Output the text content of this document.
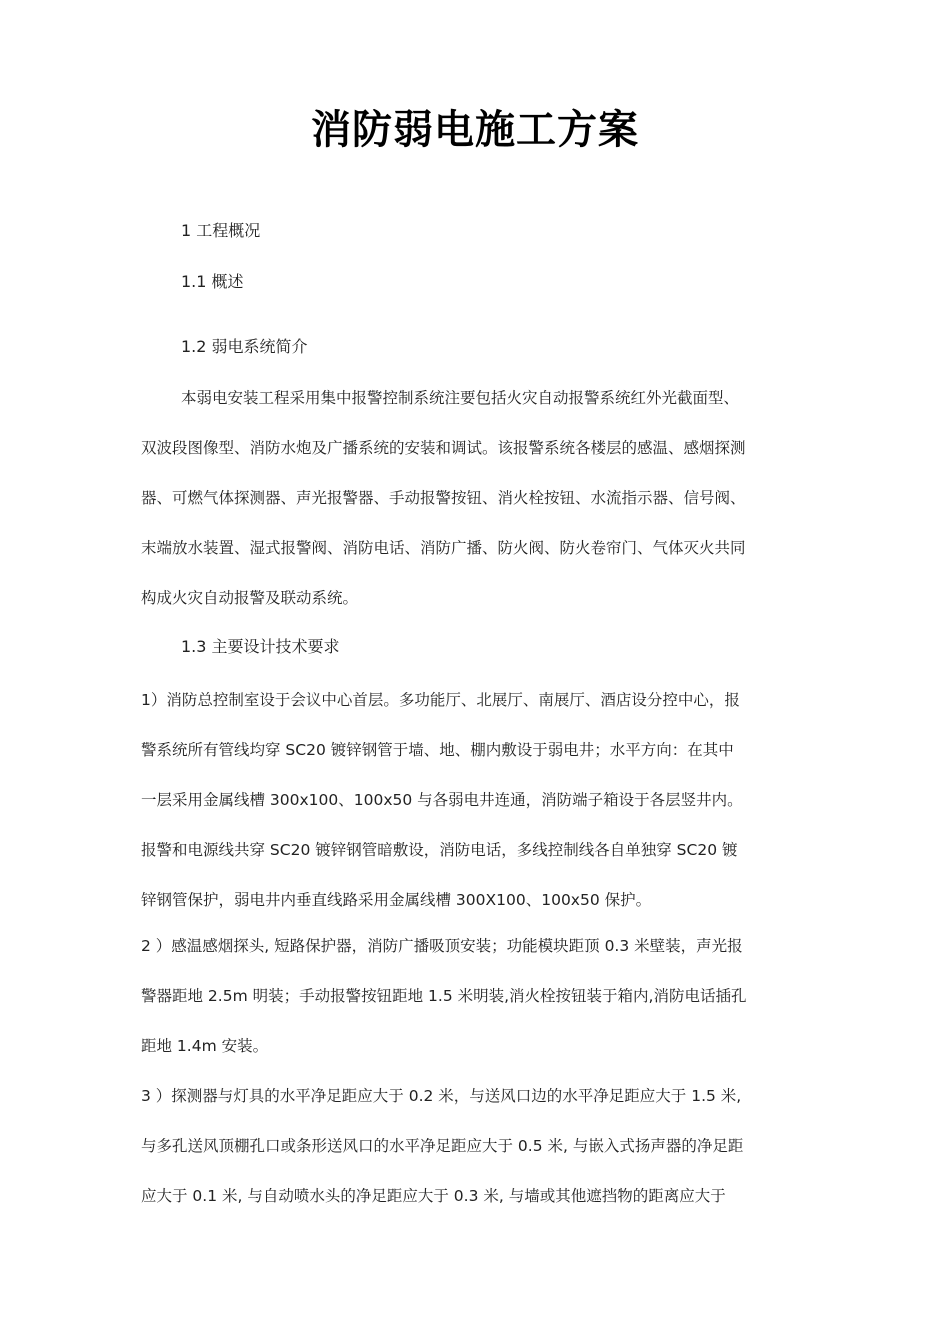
消防弱电施工方案
1 工程概况
1.1 概述
1.2 弱电系统简介
本弱电安装工程采用集中报警控制系统注要包括火灾自动报警系统红外光截面型、
双波段图像型、消防水炮及广播系统的安装和调试。该报警系统各楼层的感温、感烟探测
器、可燃气体探测器、声光报警器、手动报警按钮、消火栓按钮、水流指示器、信号阀、
末端放水装置、湿式报警阀、消防电话、消防广播、防火阀、防火卷帘门、气体灭火共同
构成火灾自动报警及联动系统。
1.3 主要设计技术要求
1）消防总控制室设于会议中心首层。多功能厅、北展厅、南展厅、酒店设分控中心，报
警系统所有管线均穿 SC20 镀锌钢管于墙、地、棚内敷设于弱电井；水平方向：在其中
一层采用金属线槽 300x100、100x50 与各弱电井连通，消防端子箱设于各层竖井内。
报警和电源线共穿 SC20 镀锌钢管暗敷设，消防电话，多线控制线各自单独穿 SC20 镀
锌钢管保护，弱电井内垂直线路采用金属线槽 300X100、100x50 保护。
2 ）感温感烟探头, 短路保护器，消防广播吸顶安装；功能模块距顶 0.3 米壁装，声光报
警器距地 2.5m 明装；手动报警按钮距地 1.5 米明装,消火栓按钮装于箱内,消防电话插孔
距地 1.4m 安装。
3 ）探测器与灯具的水平净足距应大于 0.2 米，与送风口边的水平净足距应大于 1.5 米,
与多孔送风顶棚孔口或条形送风口的水平净足距应大于 0.5 米, 与嵌入式扬声器的净足距
应大于 0.1 米, 与自动喷水头的净足距应大于 0.3 米, 与墙或其他遮挡物的距离应大于
